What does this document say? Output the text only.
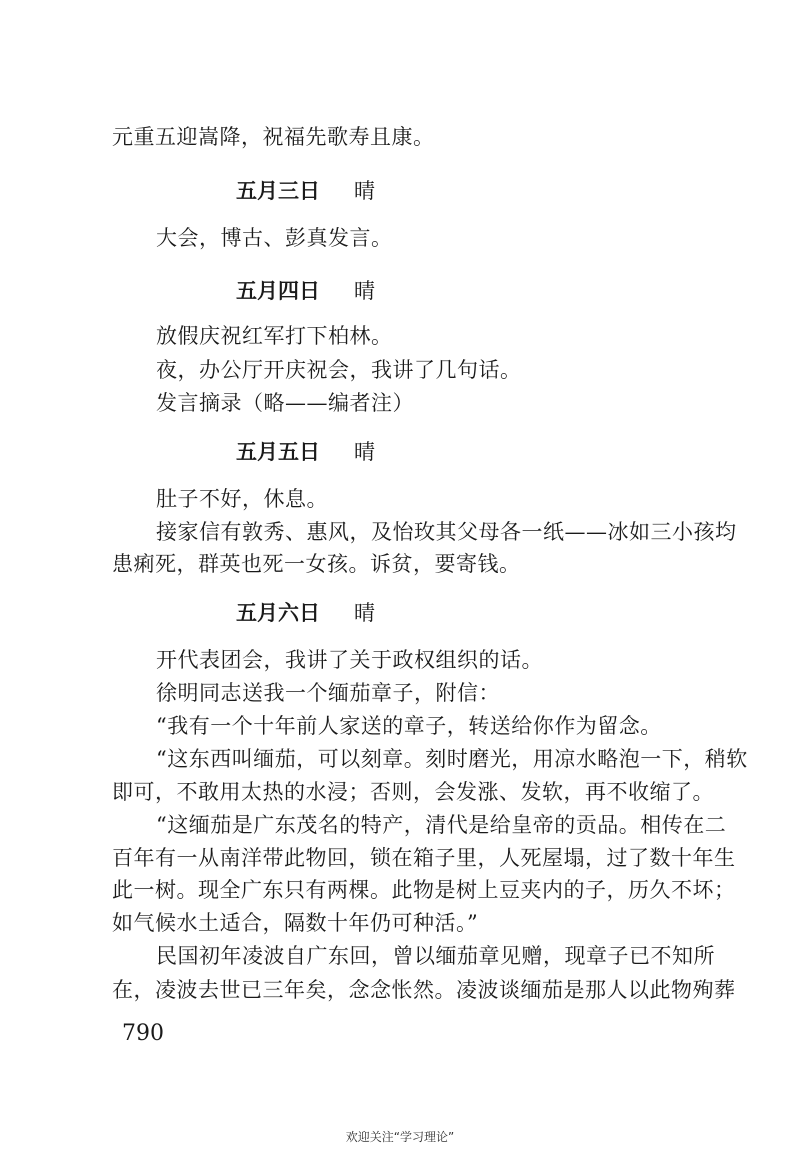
元重五迎嵩降，祝福先歌寿且康。
五月三日 晴
大会，博古、彭真发言。
五月四日 晴
放假庆祝红军打下柏林。
夜，办公厅开庆祝会，我讲了几句话。
发言摘录（略——编者注）
五月五日 晴
肚子不好，休息。
接家信有敦秀、惠风，及怡玫其父母各一纸——冰如三小孩均
患痢死，群英也死一女孩。诉贫，要寄钱。
五月六日 晴
开代表团会，我讲了关于政权组织的话。
徐明同志送我一个缅茄章子，附信：
“我有一个十年前人家送的章子，转送给你作为留念。
“这东西叫缅茄，可以刻章。刻时磨光，用凉水略泡一下，稍软
即可，不敢用太热的水浸；否则，会发涨、发软，再不收缩了。
“这缅茄是广东茂名的特产，清代是给皇帝的贡品。相传在二
百年有一从南洋带此物回，锁在箱子里，人死屋塌，过了数十年生
此一树。现全广东只有两棵。此物是树上豆夹内的子，历久不坏；
如气候水土适合，隔数十年仍可种活。”
民国初年凌波自广东回，曾以缅茄章见赠，现章子已不知所
在，凌波去世已三年矣，念念怅然。凌波谈缅茄是那人以此物殉葬
790
欢迎关注“学习理论”
